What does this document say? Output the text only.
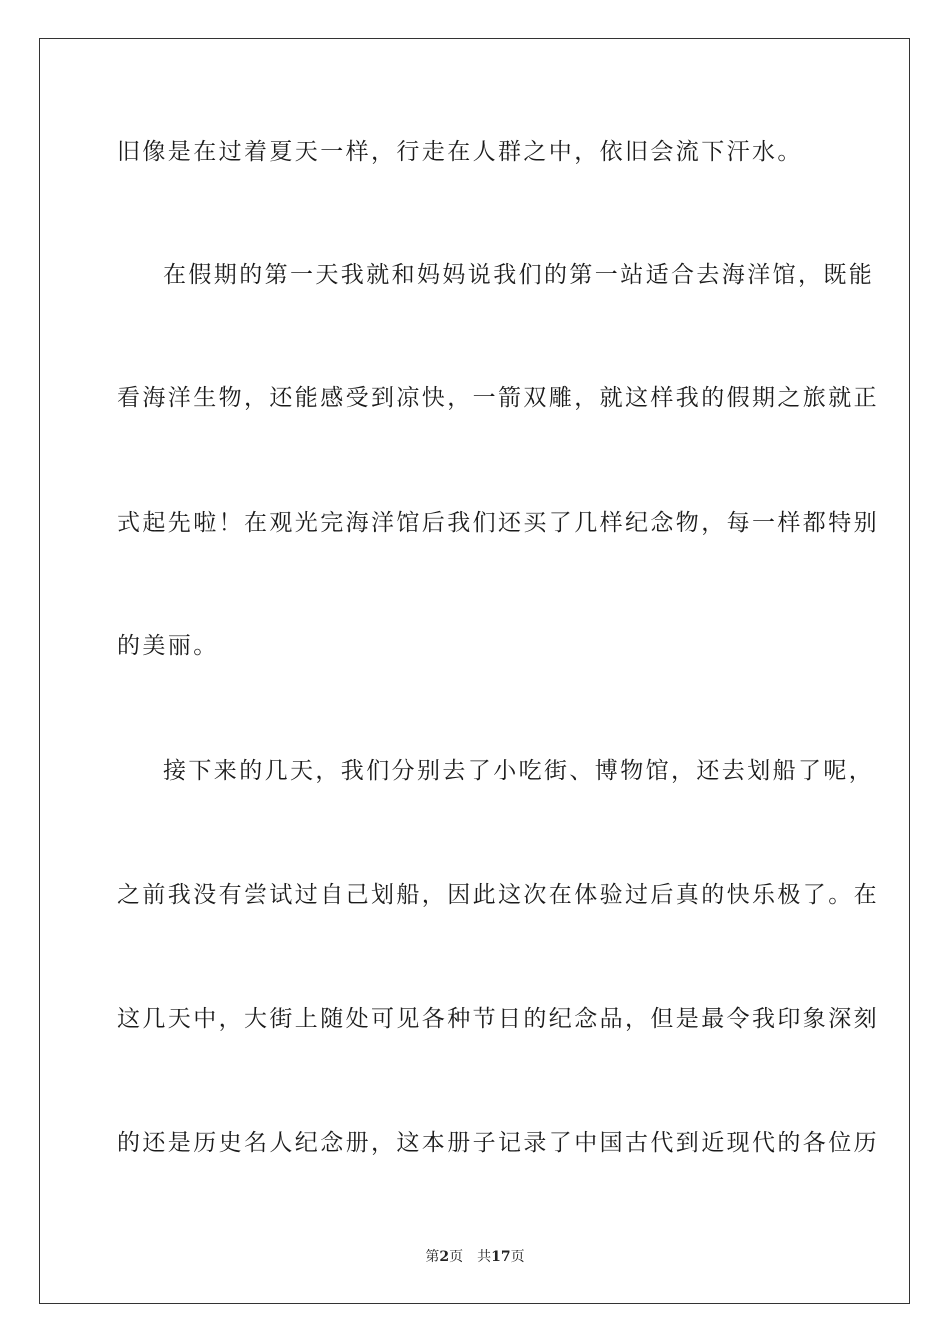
旧像是在过着夏天一样，行走在人群之中，依旧会流下汗水。
在假期的第一天我就和妈妈说我们的第一站适合去海洋馆，既能
看海洋生物，还能感受到凉快，一箭双雕，就这样我的假期之旅就正
式起先啦！在观光完海洋馆后我们还买了几样纪念物，每一样都特别
的美丽。
接下来的几天，我们分别去了小吃街、博物馆，还去划船了呢，
之前我没有尝试过自己划船，因此这次在体验过后真的快乐极了。在
这几天中，大街上随处可见各种节日的纪念品，但是最令我印象深刻
的还是历史名人纪念册，这本册子记录了中国古代到近现代的各位历
第2页 共17页
